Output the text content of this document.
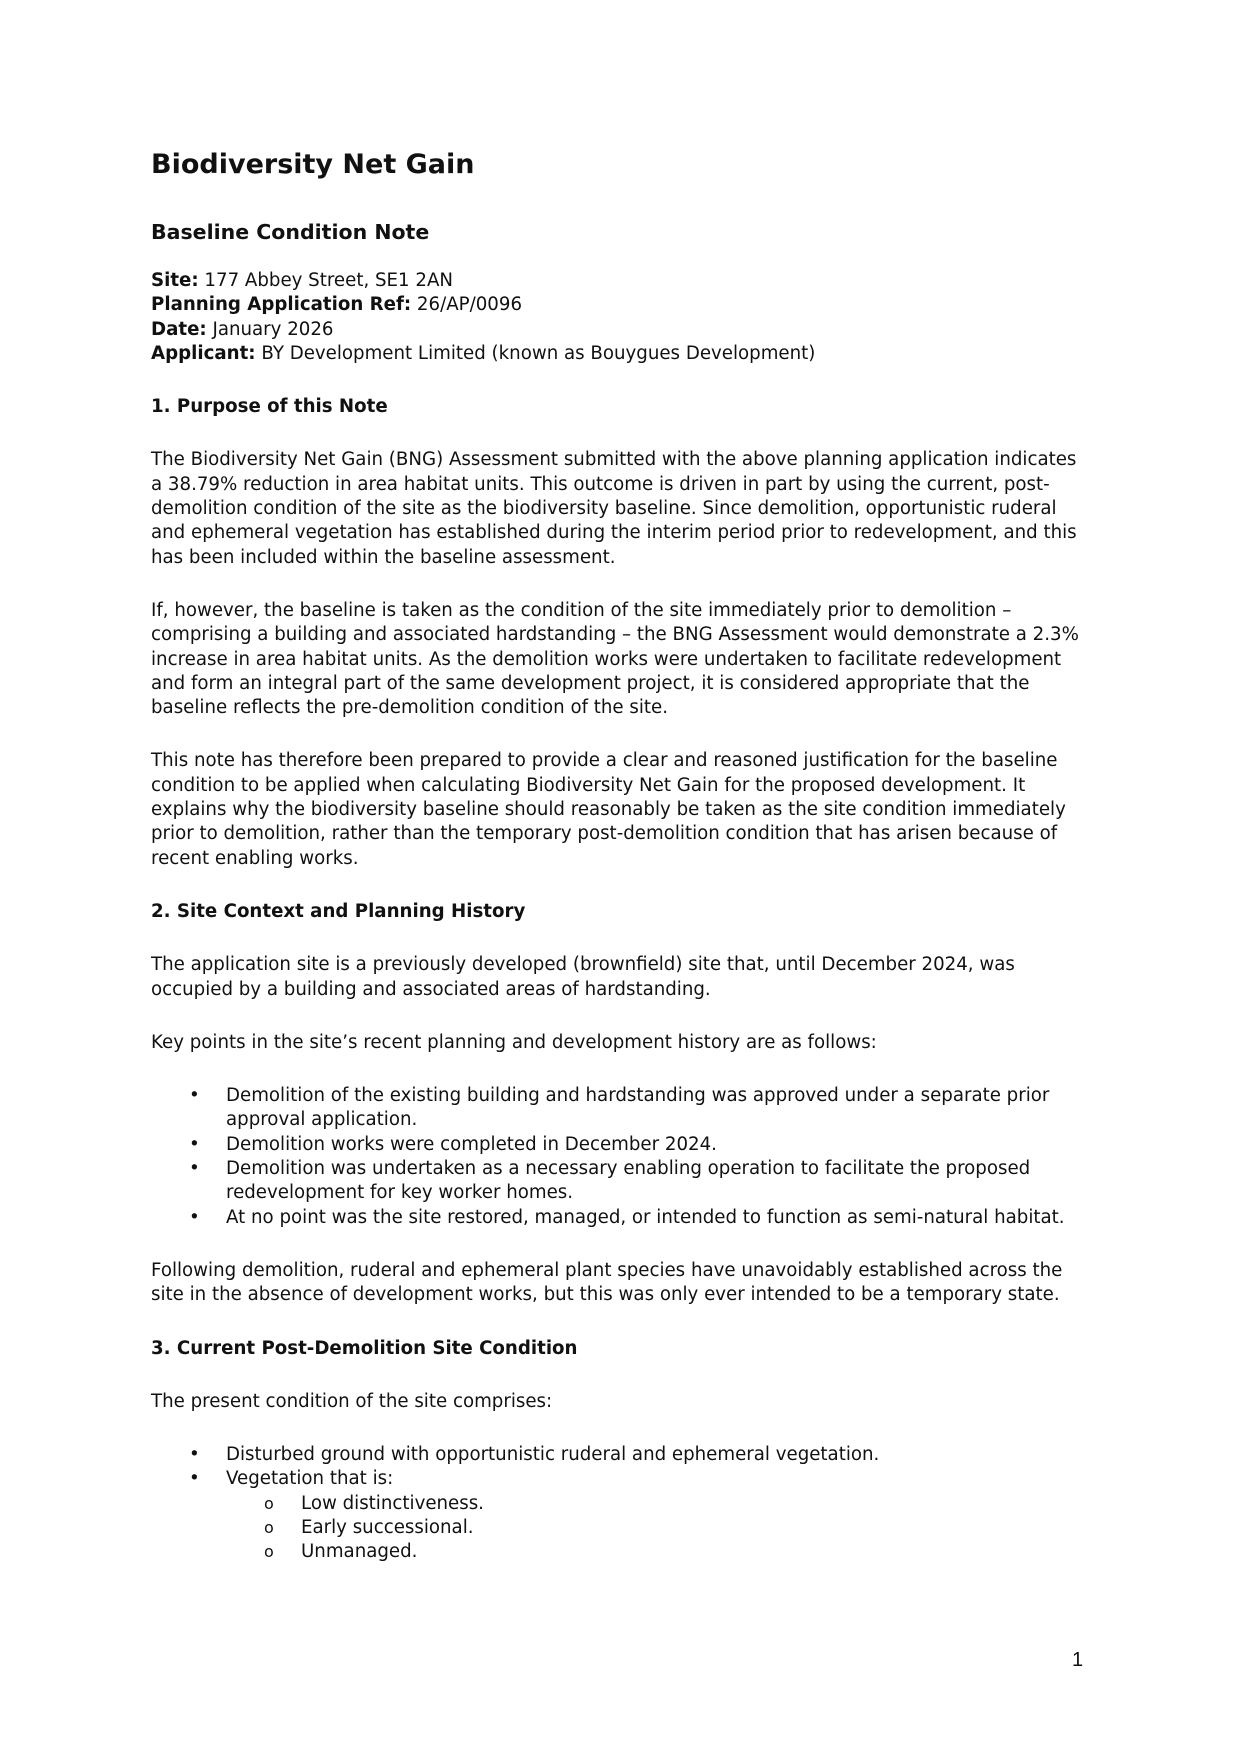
Biodiversity Net Gain
Baseline Condition Note

Site: 177 Abbey Street, SE1 2AN

Planning Application Ref: 26/AP/0096

Date: January 2026

Applicant: BY Development Limited (known as Bouygues Development)

1. Purpose of this Note

The Biodiversity Net Gain (BNG) Assessment submitted with the above planning application indicates a 38.79% reduction in area habitat units. This outcome is driven in part by using the current, post-demolition condition of the site as the biodiversity baseline. Since demolition, opportunistic ruderal and ephemeral vegetation has established during the interim period prior to redevelopment, and this has been included within the baseline assessment.

If, however, the baseline is taken as the condition of the site immediately prior to demolition – comprising a building and associated hardstanding – the BNG Assessment would demonstrate a 2.3% increase in area habitat units. As the demolition works were undertaken to facilitate redevelopment and form an integral part of the same development project, it is considered appropriate that the baseline reflects the pre-demolition condition of the site.

This note has therefore been prepared to provide a clear and reasoned justification for the baseline condition to be applied when calculating Biodiversity Net Gain for the proposed development. It explains why the biodiversity baseline should reasonably be taken as the site condition immediately prior to demolition, rather than the temporary post-demolition condition that has arisen because of recent enabling works.

2. Site Context and Planning History

The application site is a previously developed (brownfield) site that, until December 2024, was occupied by a building and associated areas of hardstanding.

Key points in the site’s recent planning and development history are as follows:

• Demolition of the existing building and hardstanding was approved under a separate prior approval application.
• Demolition works were completed in December 2024.
• Demolition was undertaken as a necessary enabling operation to facilitate the proposed redevelopment for key worker homes.
• At no point was the site restored, managed, or intended to function as semi-natural habitat.

Following demolition, ruderal and ephemeral plant species have unavoidably established across the site in the absence of development works, but this was only ever intended to be a temporary state.

3. Current Post-Demolition Site Condition

The present condition of the site comprises:

• Disturbed ground with opportunistic ruderal and ephemeral vegetation.
• Vegetation that is:
o Low distinctiveness.
o Early successional.
o Unmanaged.
1
